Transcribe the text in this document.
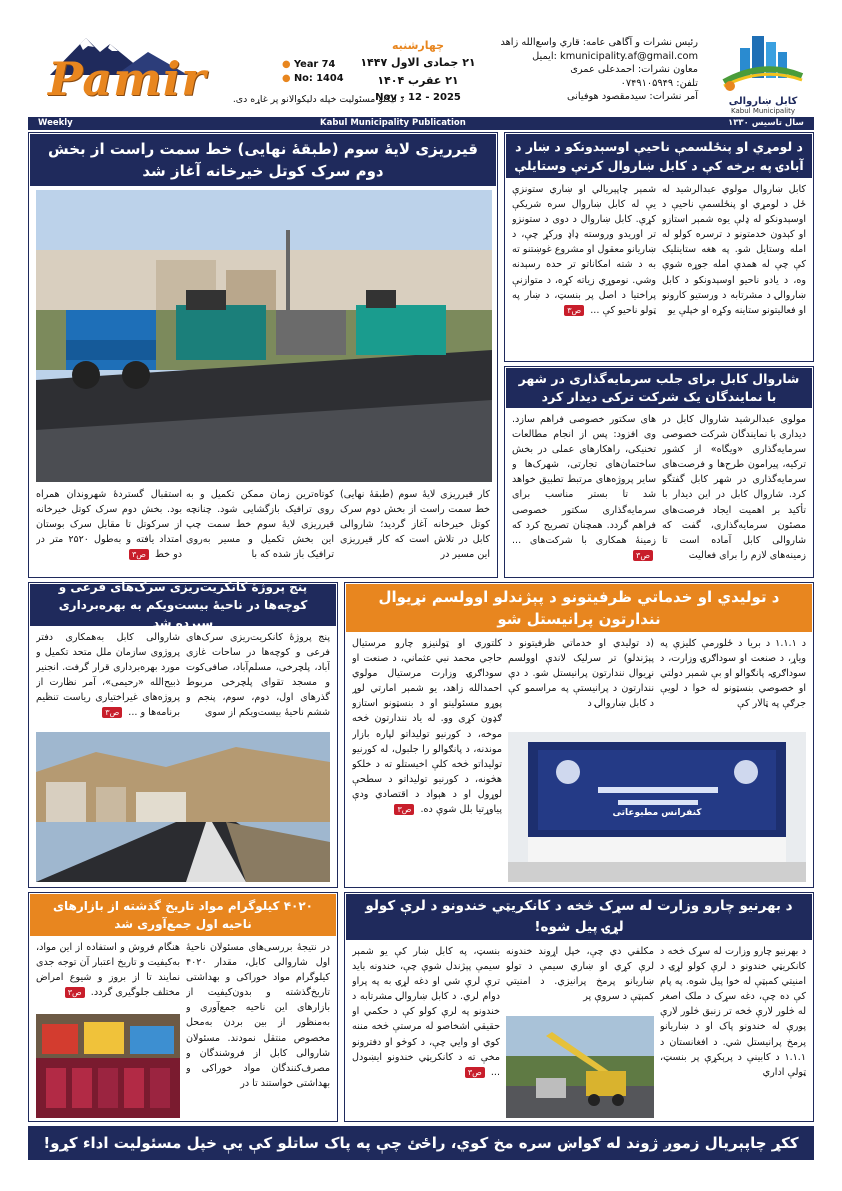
Pamir	● Year 74
● No: 1404
چهارشنبه
۲۱ جمادی الاول ۱۴۴۷
۲۱ عقرب ۱۴۰۴
Nov - 12 - 2025
د لیکنو مسئولیت خپله دلیکوالانو پر غاړه دی.
رئیس نشرات و آگاهی عامه: قاري واسع‌الله زاهد
kmunicipality.af@gmail.com :ایمیل
معاون نشرات: احمدعلی عمری
تلفن: ۰۷۴۹۱۰۵۹۴۹
آمر نشرات: سیدمقصود هوفیانی	کابل ښاروالی
Kabul Municipality
Weekly	Kabul Municipality Publication	سال تاسیس ۱۳۳۰
قیرریزی لایهٔ سوم (طبقهٔ نهایی) خط سمت راست از بخش دوم سرک کوتل خیرخانه آغاز شد
کار قیرریزی لایهٔ سوم (طبقهٔ نهایی) خط سمت راست از بخش دوم سرک کوتل خیرخانه آغاز گردید؛ شاروالی کابل در تلاش است که کار قیرریزی این مسیر در
کوتاه‌ترین زمان ممکن تکمیل و به روی ترافیک بازگشایی شود. چنانچه قیرریزی لایهٔ سوم خط سمت چپ این بخش تکمیل و مسیر به‌روی ترافیک باز شده که با
استقبال گستردهٔ شهروندان همراه بود. بخش دوم سرک کوتل خیرخانه از سرکوتل تا مقابل سرک بوستان امتداد یافته و به‌طول ۲۵۲۰ متر در دو خط ص۳
د لومړي او پنځلسمې ناحیې اوسېدونکو د ښار د آبادۍ په برخه کې د کابل ښاروال کرنې وستایلې
کابل ښاروال مولوي عبدالرشید له ځل د لومړي او پنځلسمې ناحیې د اوسېدونکو له ډلې یوه شمېر استازو او کېدون خدمتونو د ترسره کولو له امله وستایل شو. په هغه ستاینلیک کې چې له همدې امله جوړه شوې وه، د یادو ناحیو اوسېدونکو د کابل ښاروالۍ د مشرتابه د ورستیو کارونو او فعالیتونو ستاینه وکړه او خپلې یو
شمېر چاپېریالي او ښاري ستونزې یې له کابل ښاروال سره شریکې کړې. کابل ښاروال د دوی د ستونزو تر اوریدو وروسته ډاډ ورکړ چې، د ښاریانو معقول او مشروع غوښتنو ته به د شته امکاناتو تر حده رسېدنه وشي. نوموړي زیاته کړه، د متوازنې پراختیا د اصل پر بنسټ، د ښار په ټولو ناحیو کې ... ص۳
شاروال کابل برای جلب سرمایه‌گذاری در شهر با نمایندگان یک شرکت ترکی دیدار کرد
مولوی عبدالرشید شاروال کابل در دیداری با نمایندگان شرکت خصوصی سرمایه‌گذاری «ویگاه» از کشور ترکیه، پیرامون طرح‌ها و فرصت‌های سرمایه‌گذاری در شهر کابل گفتگو کرد. شاروال کابل در این دیدار با تأکید بر اهمیت ایجاد فرصت‌های مصئون سرمایه‌گذاری، گفت که شاروالی کابل آماده است تا زمینه‌های لازم را برای فعالیت
های سکتور خصوصی فراهم سازد. وی افزود: پس از انجام مطالعات تخنیکی، راهکارهای عملی در بخش ساختمان‌های تجارتی، شهرک‌ها و سایر پروژه‌های مرتبط تطبیق خواهد شد تا بستر مناسب برای سرمایه‌گذاری سکتور خصوصی فراهم گردد. همچنان تصریح کرد که زمینهٔ همکاری با شرکت‌های ... ص۳
پنج پروژهٔ کانکریت‌ریزی سرک‌های فرعی و کوچه‌ها در ناحیهٔ بیست‌ویکم به بهره‌برداری سپرده شد
پنج پروژهٔ کانکریت‌ریزی سرک‌های فرعی و کوچه‌ها در ساحات غازی آباد، پلچرخی، مسلم‌آباد، صافی‌کوت و مسجد تقوای پلچرخی مربوط گذرهای اول، دوم، سوم، پنجم و ششم ناحیهٔ بیست‌ویکم از سوی
شاروالی کابل به‌همکاری دفتر پروژوی سازمان ملل متحد تکمیل و مورد بهره‌برداری قرار گرفت. انجنیر ذبیح‌الله «رحیمی»، آمر نظارت از پروژه‌های غیراختیاری ریاست تنظیم برنامه‌ها و ... ص۳
د تولیدي او خدماتي ظرفیتونو د پېژندلو اوولسم نړیوال نندارتون پرانیستل شو
د ۱.۱.۱ د بریا د ځلورمې کلیزې په ویاړ، د صنعت او سوداګرۍ وزارت، د سوداګرۍ، پانګوالو او بې شمېر دولتي او خصوصي بنسټونو له خوا د لویې جرګې په ټالار کې
(د تولیدي او خدماتي ظرفیتونو د پېژندلو) تر سرلیک لاندې اوولسم نړیوال نندارتون پرانیستل شو. د دې نندارتون د پرانیستې په مراسمو کې د کابل ښاروالۍ د
کلتوري او ټولنیزو چارو مرستیال حاجي محمد نبي عثماني، د صنعت او سوداګرۍ وزارت مرستیال مولوي احمدالله زاهد، یو شمېر امارتي لوړ پوړو مسئولینو او د بنسټونو استازو ګډون کړی وو. له یاد نندارتون څخه موخه، د کورنیو تولیداتو لپاره بازار موندنه، د پانګوالو را جلبول، له کورنیو تولیداتو څخه کلې اخیستلو ته د خلکو هڅونه، د کورنیو تولیداتو د سطحې لوړول او د هېواد د اقتصادي ودې پیاوړتیا بلل شوې ده. ص۳	کنفرانس مطبوعاتی
۴۰۲۰ کیلوگرام مواد تاریخ گذشته از بازارهای ناحیه اول جمع‌آوری شد
در نتیجهٔ بررسی‌های مسئولان ناحیهٔ اول شاروالی کابل، مقدار ۴۰۲۰ کیلوگرام مواد خوراکی و بهداشتی تاریخ‌گذشته و بدون‌کیفیت از بازارهای این ناحیه جمع‌آوری و به‌منظور از بین بردن به‌محل مخصوص منتقل نمودند. مسئولان شاروالی کابل از فروشندگان و مصرف‌کنندگان مواد خوراکی و بهداشتی خواستند تا در
هنگام فروش و استفاده از این مواد، به‌کیفیت و تاریخ اعتبار آن توجه جدی نمایند تا از بروز و شیوع امراض مختلف جلوگیری گردد. ص۳
د بهرنیو چارو وزارت له سړک څخه د کانکریټي خندونو د لرې کولو لړۍ پیل شوه!
د بهرنیو چارو وزارت له سړک څخه د کانکریټي خندونو د لرې کولو لړۍ د امنیتي کمېټې له خوا پیل شوه. په پام کې ده چې، دغه سړک د ملک اصغر له څلور لارې څخه تر زنبق څلور لارې پورې له خندونو پاک او د ښاریانو پرمخ پرانیستل شي. د افغانستان د ۱.۱.۱ د کابینې د پرېکړې پر بنسټ، ټولې اداري
مکلفي دي چې، خپل اړوند خندونه لرې کړي او ښاري سیمې د تولو ښاریانو پرمخ پرانیزي. د امنیتي کمېټې د سروې پر
بنسټ، په کابل ښار کې یو شمېر سیمې پېژندل شوې چې، خندونه باید ترې لرې شي او دغه لړۍ به په پراو دوام لري. د کابل ښاروالۍ مشرتابه د خندونو په لرې کولو کې د حکمي او حقیقي اشخاصو له مرستې څخه مننه کوي او وایي چې، د کوڅو او دفترونو مخې ته د کانکریټي خندونو ایښودل ... ص۳
ککړ چاپېریال زموږ ژوند له ګواښ سره مخ کوي، راځئ چې په پاک ساتلو کې یې خپل مسئولیت اداء کړو!
